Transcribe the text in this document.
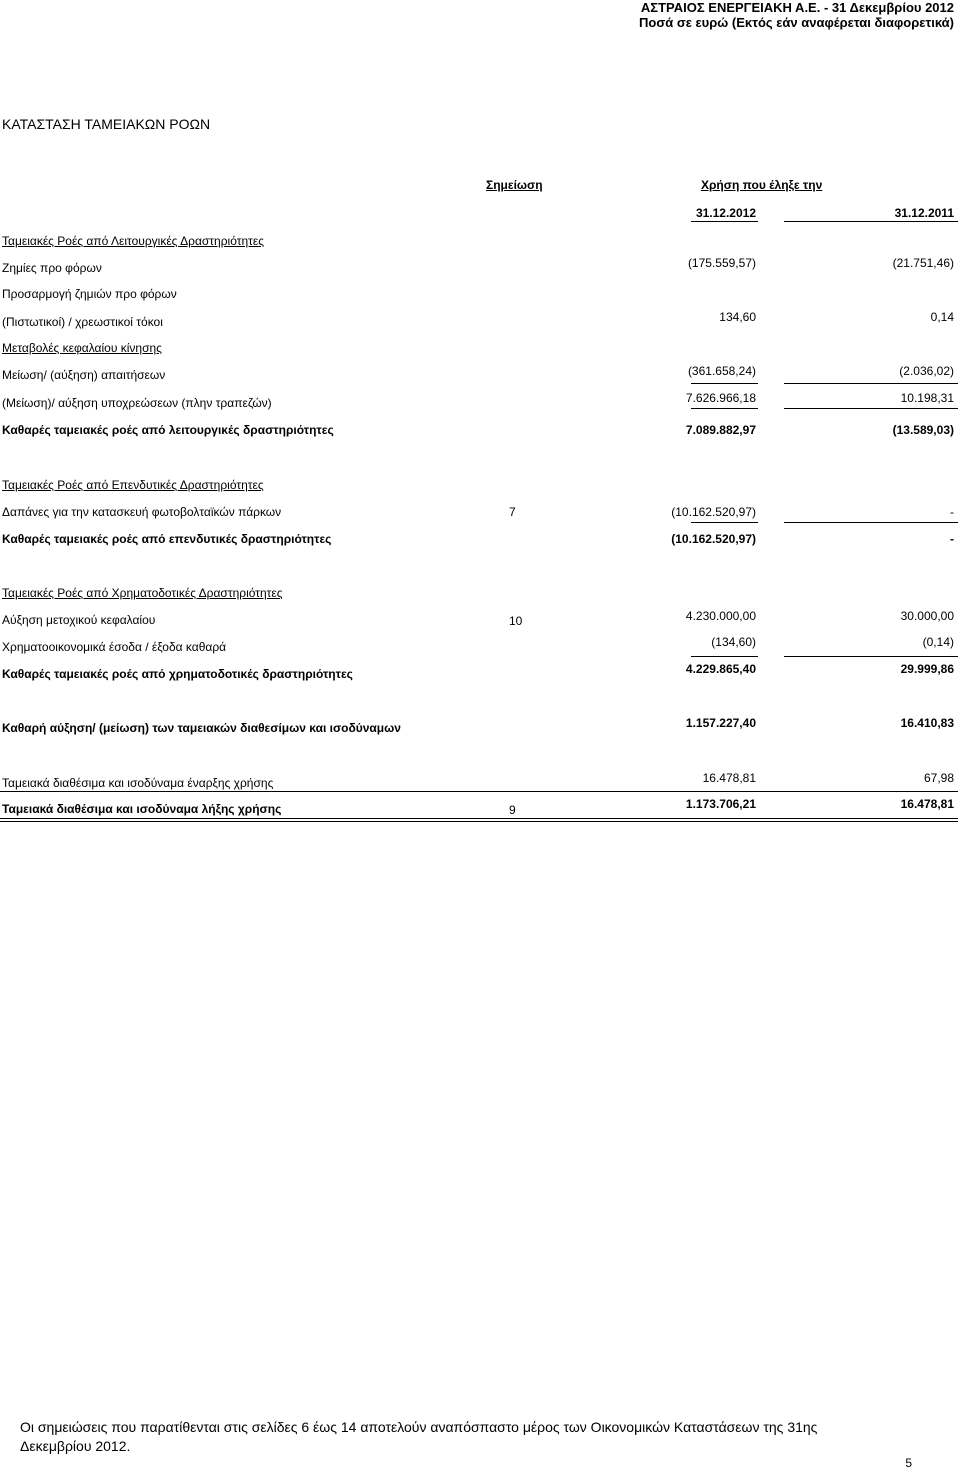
ΑΣΤΡΑΙΟΣ ΕΝΕΡΓΕΙΑΚΗ Α.Ε. - 31 Δεκεμβρίου 2012
Ποσά σε ευρώ (Εκτός εάν αναφέρεται διαφορετικά)
ΚΑΤΑΣΤΑΣΗ ΤΑΜΕΙΑΚΩΝ ΡΟΩΝ
Σημείωση	Χρήση που έληξε την
31.12.2012	31.12.2011
Ταμειακές Ροές από Λειτουργικές Δραστηριότητες
Ζημίες προ φόρων	(175.559,57)	(21.751,46)
Προσαρμογή ζημιών προ φόρων
(Πιστωτικοί) / χρεωστικοί τόκοι	134,60	0,14
Μεταβολές κεφαλαίου κίνησης
Μείωση/ (αύξηση) απαιτήσεων	(361.658,24)	(2.036,02)
(Μείωση)/ αύξηση υποχρεώσεων (πλην τραπεζών)	7.626.966,18	10.198,31
Καθαρές ταμειακές ροές από λειτουργικές δραστηριότητες	7.089.882,97	(13.589,03)
Ταμειακές Ροές από Επενδυτικές Δραστηριότητες
Δαπάνες για την κατασκευή φωτοβολταϊκών πάρκων	7	(10.162.520,97)	-
Καθαρές ταμειακές ροές από επενδυτικές δραστηριότητες	(10.162.520,97)	-
Ταμειακές Ροές από Χρηματοδοτικές Δραστηριότητες
Αύξηση μετοχικού κεφαλαίου	10	4.230.000,00	30.000,00
Χρηματοοικονομικά έσοδα / έξοδα καθαρά	(134,60)	(0,14)
Καθαρές ταμειακές ροές από χρηματοδοτικές δραστηριότητες	4.229.865,40	29.999,86
Καθαρή αύξηση/ (μείωση) των ταμειακών διαθεσίμων και ισοδύναμων	1.157.227,40	16.410,83
Ταμειακά διαθέσιμα και ισοδύναμα έναρξης χρήσης	16.478,81	67,98
Ταμειακά διαθέσιμα και ισοδύναμα λήξης χρήσης	9	1.173.706,21	16.478,81
Οι σημειώσεις που παρατίθενται στις σελίδες 6 έως 14 αποτελούν αναπόσπαστο μέρος των Οικονομικών Καταστάσεων της 31ης Δεκεμβρίου 2012.
5
